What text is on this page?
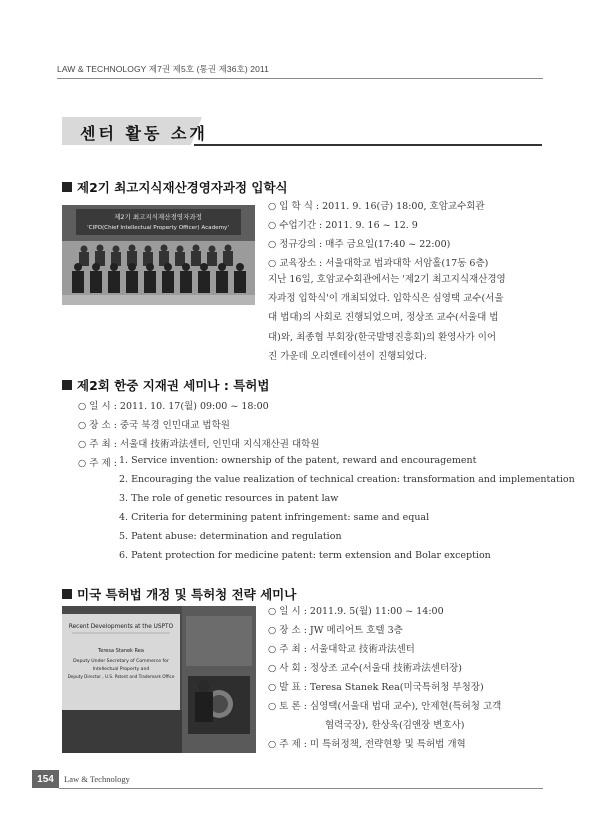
LAW & TECHNOLOGY 제7권 제5호 (통권 제36호) 2011
센터 활동 소개
제2기 최고지식재산경영자과정 입학식
제2기 최고지식재산경영자과정
'CIPO(Chief Intellectual Property Officer) Academy'
○ 입 학 식 : 2011. 9. 16(금) 18:00, 호암교수회관
○ 수업기간 : 2011. 9. 16 ~ 12. 9
○ 정규강의 : 매주 금요일(17:40 ~ 22:00)
○ 교육장소 : 서울대학교 법과대학 서암홀(17동 6층)
지난 16일, 호암교수회관에서는 '제2기 최고지식재산경영
자과정 입학식'이 개최되었다. 입학식은 심영택 교수(서울
대 법대)의 사회로 진행되었으며, 정상조 교수(서울대 법
대)와, 최종협 부회장(한국발명진흥회)의 환영사가 이어
진 가운데 오리엔테이션이 진행되었다.
제2회 한중 지재권 세미나 : 특허법
○ 일 시 : 2011. 10. 17(월) 09:00 ~ 18:00
○ 장 소 : 중국 북경 인민대교 법학원
○ 주 최 : 서울대 技術과法센터, 인민대 지식재산권 대학원
○ 주 제 : 1. Service invention: ownership of the patent, reward and encouragement
2. Encouraging the value realization of technical creation: transformation and implementation
3. The role of genetic resources in patent law
4. Criteria for determining patent infringement: same and equal
5. Patent abuse: determination and regulation
6. Patent protection for medicine patent: term extension and Bolar exception
미국 특허법 개정 및 특허청 전략 세미나
Recent Developments at the USPTO
Teresa Stanek Rea
Deputy Under Secretary of Commerce for
Intellectual Property and
Deputy Director , U.S. Patent and Trademark Office
○ 일 시 : 2011.9. 5(월) 11:00 ~ 14:00
○ 장 소 : JW 메리어트 호텔 3층
○ 주 최 : 서울대학교 技術과法센터
○ 사 회 : 정상조 교수(서울대 技術과法센터장)
○ 발 표 : Teresa Stanek Rea(미국특허청 부청장)
○ 토 론 : 심영택(서울대 법대 교수), 안제현(특허청 고객
협력국장), 한상욱(김앤장 변호사)
○ 주 제 : 미 특허정책, 전략현황 및 특허법 개혁
154	Law & Technology
